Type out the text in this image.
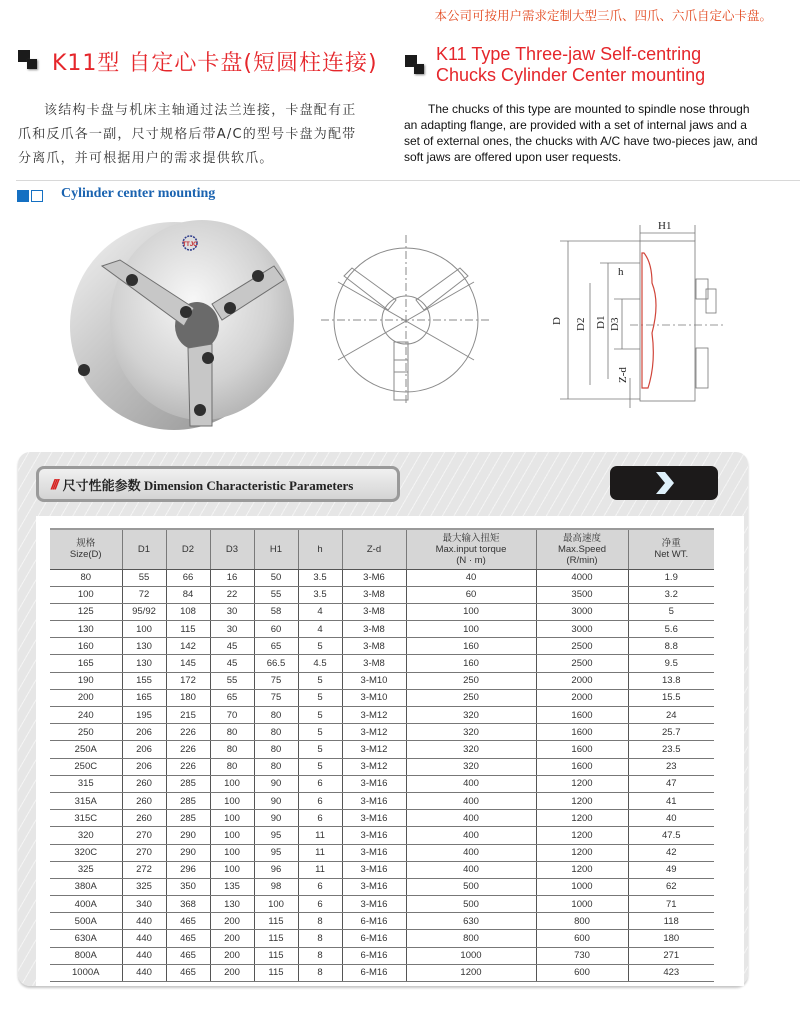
本公司可按用户需求定制大型三爪、四爪、六爪自定心卡盘。
K11型 自定心卡盘(短圆柱连接)	K11 Type Three-jaw Self-centring
Chucks Cylinder Center mounting
该结构卡盘与机床主轴通过法兰连接，卡盘配有正爪和反爪各一副，尺寸规格后带A/C的型号卡盘为配带分离爪，并可根据用户的需求提供软爪。
The chucks of this type are mounted to spindle nose through an adapting flange, are provided with a set of internal jaws and a set of external ones, the chucks with A/C have two-pieces jaw, and soft jaws are offered upon user requests.
Cylinder center mounting
TTJC
H1
h
D D2 D1 D3
Z-d
/// 尺寸性能参数 Dimension Characteristic Parameters
规格
Size(D)	D1	D2	D3	H1	h	Z-d	最大输入扭矩
Max.input torque
(N · m)	最高速度
Max.Speed
(R/min)	净重
Net WT.

80	55	66	16	50	3.5	3-M6	40	4000	1.9
100	72	84	22	55	3.5	3-M8	60	3500	3.2
125	95/92	108	30	58	4	3-M8	100	3000	5
130	100	115	30	60	4	3-M8	100	3000	5.6
160	130	142	45	65	5	3-M8	160	2500	8.8
165	130	145	45	66.5	4.5	3-M8	160	2500	9.5
190	155	172	55	75	5	3-M10	250	2000	13.8
200	165	180	65	75	5	3-M10	250	2000	15.5
240	195	215	70	80	5	3-M12	320	1600	24
250	206	226	80	80	5	3-M12	320	1600	25.7
250A	206	226	80	80	5	3-M12	320	1600	23.5
250C	206	226	80	80	5	3-M12	320	1600	23
315	260	285	100	90	6	3-M16	400	1200	47
315A	260	285	100	90	6	3-M16	400	1200	41
315C	260	285	100	90	6	3-M16	400	1200	40
320	270	290	100	95	11	3-M16	400	1200	47.5
320C	270	290	100	95	11	3-M16	400	1200	42
325	272	296	100	96	11	3-M16	400	1200	49
380A	325	350	135	98	6	3-M16	500	1000	62
400A	340	368	130	100	6	3-M16	500	1000	71
500A	440	465	200	115	8	6-M16	630	800	118
630A	440	465	200	115	8	6-M16	800	600	180
800A	440	465	200	115	8	6-M16	1000	730	271
1000A	440	465	200	115	8	6-M16	1200	600	423
